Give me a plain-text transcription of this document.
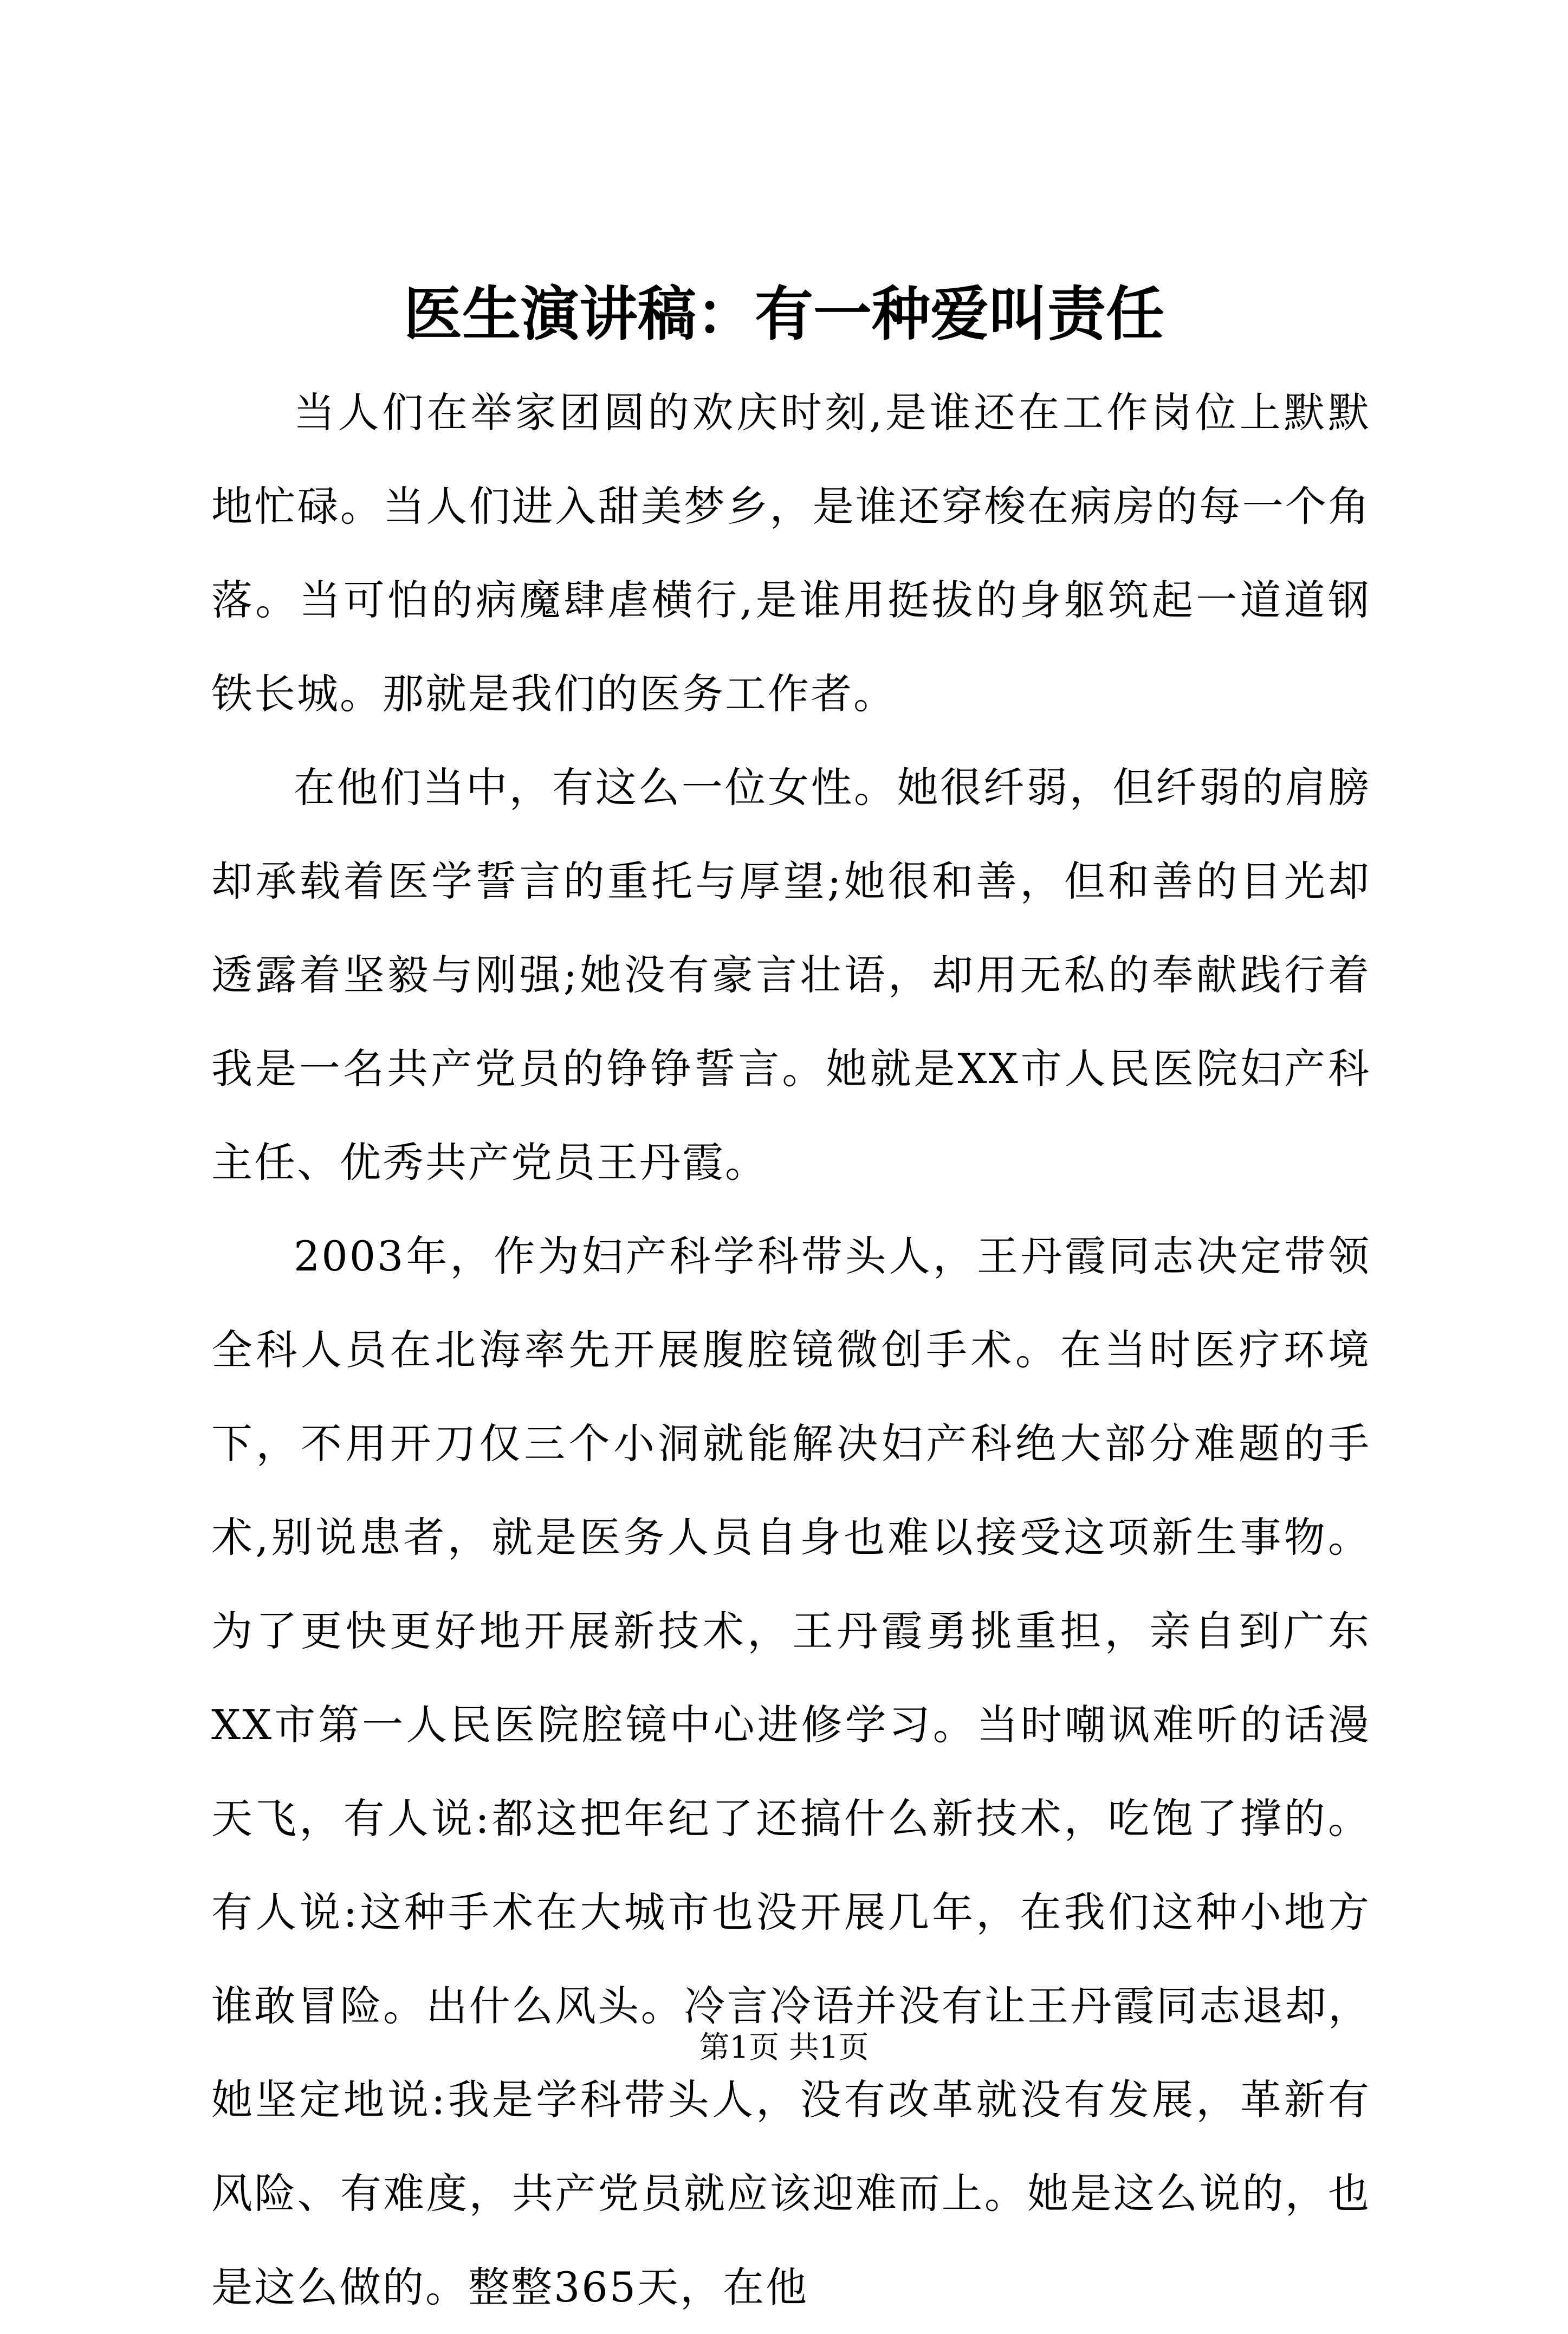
医生演讲稿：有一种爱叫责任

当人们在举家团圆的欢庆时刻,是谁还在工作岗位上默默地忙碌。当人们进入甜美梦乡，是谁还穿梭在病房的每一个角落。当可怕的病魔肆虐横行,是谁用挺拔的身躯筑起一道道钢铁长城。那就是我们的医务工作者。

在他们当中，有这么一位女性。她很纤弱，但纤弱的肩膀却承载着医学誓言的重托与厚望;她很和善，但和善的目光却透露着坚毅与刚强;她没有豪言壮语，却用无私的奉献践行着我是一名共产党员的铮铮誓言。她就是XX市人民医院妇产科主任、优秀共产党员王丹霞。

2003年，作为妇产科学科带头人，王丹霞同志决定带领全科人员在北海率先开展腹腔镜微创手术。在当时医疗环境下，不用开刀仅三个小洞就能解决妇产科绝大部分难题的手术,别说患者，就是医务人员自身也难以接受这项新生事物。为了更快更好地开展新技术，王丹霞勇挑重担，亲自到广东XX市第一人民医院腔镜中心进修学习。当时嘲讽难听的话漫天飞，有人说:都这把年纪了还搞什么新技术，吃饱了撑的。有人说:这种手术在大城市也没开展几年，在我们这种小地方谁敢冒险。出什么风头。冷言冷语并没有让王丹霞同志退却，她坚定地说:我是学科带头人，没有改革就没有发展，革新有风险、有难度，共产党员就应该迎难而上。她是这么说的，也是这么做的。整整365天，在他

第1页 共1页
